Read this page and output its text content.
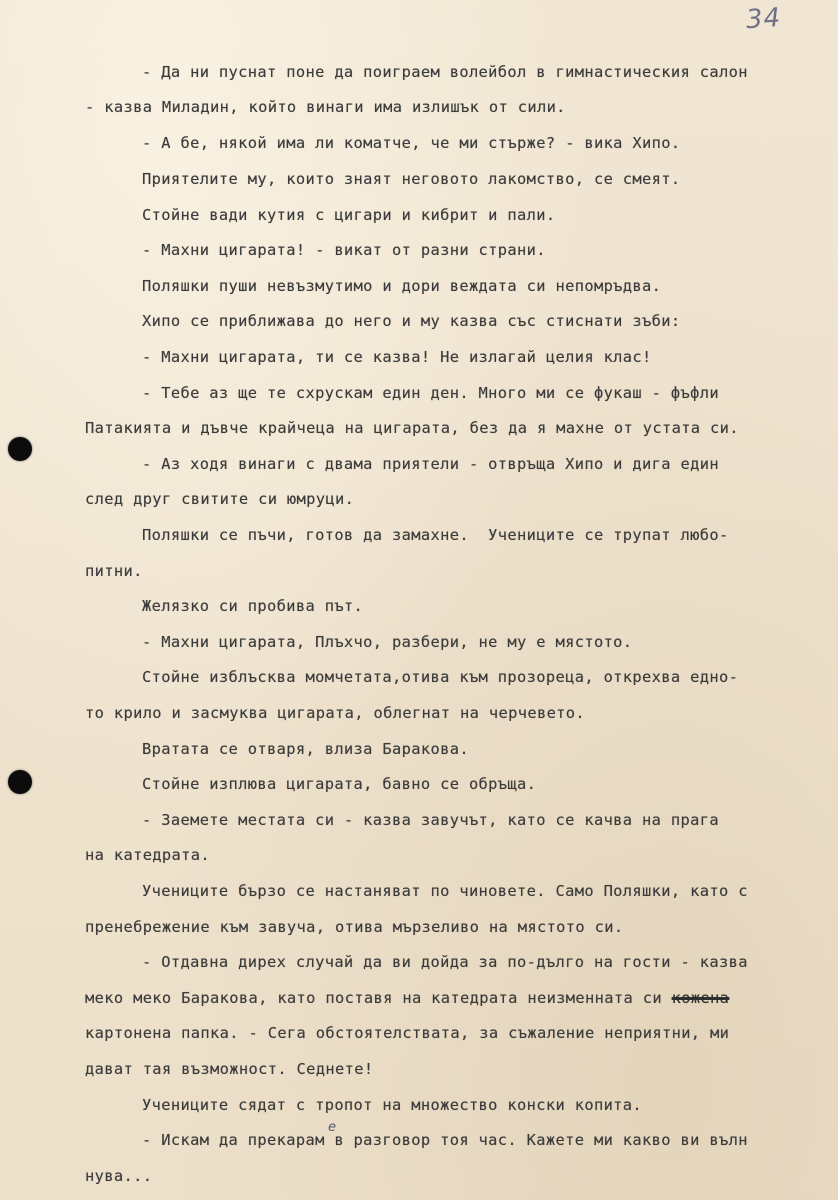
34
- Да ни пуснат поне да поиграем волейбол в гимнастическия салон
- казва Миладин, който винаги има излишък от сили.
- А бе, някой има ли коматче, че ми стърже? - вика Хипо.
Приятелите му, които знаят неговото лакомство, се смеят.
Стойне вади кутия с цигари и кибрит и пали.
- Махни цигарата! - викат от разни страни.
Поляшки пуши невъзмутимо и дори веждата си непомръдва.
Хипо се приближава до него и му казва със стиснати зъби:
- Махни цигарата, ти се казва! Не излагай целия клас!
- Тебе аз ще те схрускам един ден. Много ми се фукаш - фъфли
Патакията и дъвче крайчеца на цигарата, без да я махне от устата си.
- Аз ходя винаги с двама приятели - отвръща Хипо и дига един
след друг свитите си юмруци.
Поляшки се пъчи, готов да замахне.  Учениците се трупат любо-
питни.
Желязко си пробива път.
- Махни цигарата, Плъхчо, разбери, не му е мястото.
Стойне изблъсква момчетата,отива към прозореца, открехва едно-
то крило и засмуква цигарата, облегнат на черчевето.
Вратата се отваря, влиза Баракова.
Стойне изплюва цигарата, бавно се обръща.
- Заемете местата си - казва завучът, като се качва на прага
на катедрата.
Учениците бързо се настаняват по чиновете. Само Поляшки, като с
пренебрежение към завуча, отива мързеливо на мястото си.
- Отдавна дирех случай да ви дойда за по-дълго на гости - казва
меко меко Баракова, като поставя на катедрата неизменната си кожена
картонена папка. - Сега обстоятелствата, за съжаление неприятни, ми
дават тая възможност. Седнете!
Учениците сядат с тропот на множество конски копита.
- Искам да прекарам в разговор тоя час. Кажете ми какво ви вълн
нува...
е
